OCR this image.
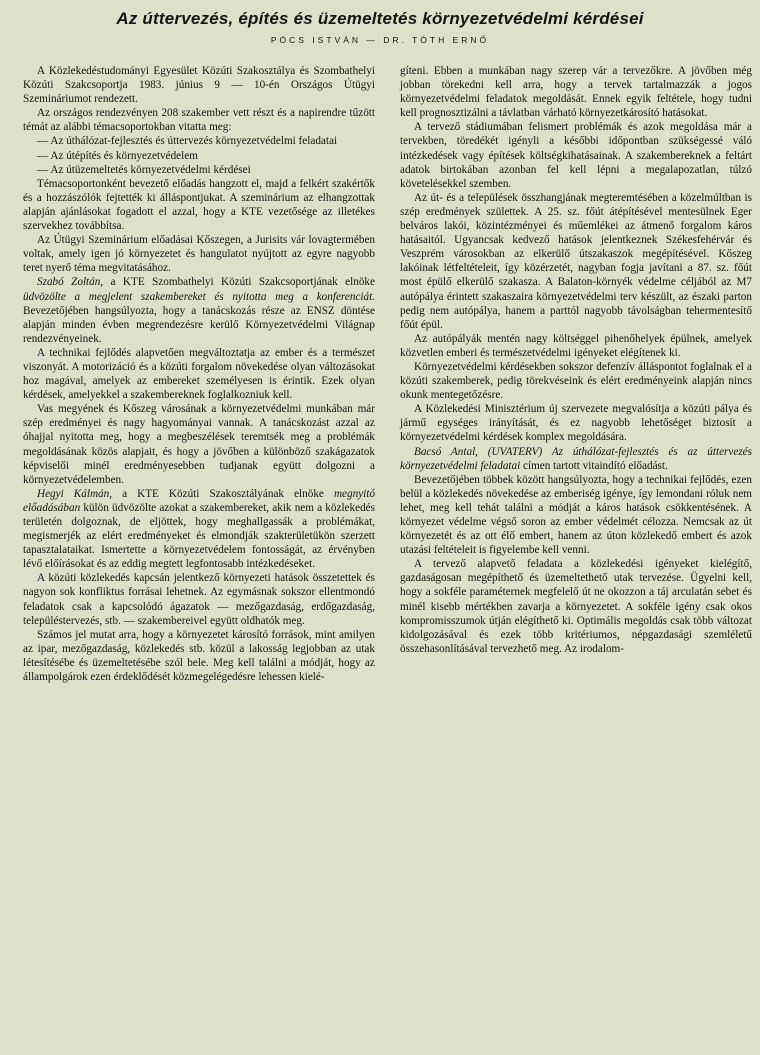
Az úttervezés, építés és üzemeltetés környezetvédelmi kérdései
PÓCS ISTVÁN — DR. TÓTH ERNŐ

A Közlekedéstudományi Egyesület Közúti Szakosztálya és Szombathelyi Közúti Szakcsoportja 1983. június 9 — 10-én Országos Útügyi Szemináriumot rendezett.

Az országos rendezvényen 208 szakember vett részt és a napirendre tűzött témát az alábbi témacsoportokban vitatta meg:

— Az úthálózat-fejlesztés és úttervezés környezetvédelmi feladatai

— Az útépítés és környezetvédelem

— Az útüzemeltetés környezetvédelmi kérdései

Témacsoportonként bevezető előadás hangzott el, majd a felkért szakértők és a hozzászólók fejtették ki álláspontjukat. A szeminárium az elhangzottak alapján ajánlásokat fogadott el azzal, hogy a KTE vezetősége az illetékes szervekhez továbbítsa.

Az Útügyi Szeminárium előadásai Kőszegen, a Jurisits vár lovagtermében voltak, amely igen jó környezetet és hangulatot nyújtott az egyre nagyobb teret nyerő téma megvitatásához.

Szabó Zoltán, a KTE Szombathelyi Közúti Szakcsoportjának elnöke üdvözölte a megjelent szakembereket és nyitotta meg a konferenciát. Bevezetőjében hangsúlyozta, hogy a tanácskozás része az ENSZ döntése alapján minden évben megrendezésre kerülő Környezetvédelmi Világnap rendezvényeinek.

A technikai fejlődés alapvetően megváltoztatja az ember és a természet viszonyát. A motorizáció és a közúti forgalom növekedése olyan változásokat hoz magával, amelyek az embereket személyesen is érintik. Ezek olyan kérdések, amelyekkel a szakembereknek foglalkozniuk kell.

Vas megyének és Kőszeg városának a környezetvédelmi munkában már szép eredményei és nagy hagyományai vannak. A tanácskozást azzal az óhajjal nyitotta meg, hogy a megbeszélések teremtsék meg a problémák megoldásának közös alapjait, és hogy a jövőben a különböző szakágazatok képviselői minél eredményesebben tudjanak együtt dolgozni a környezetvédelemben.

Hegyi Kálmán, a KTE Közúti Szakosztályának elnöke megnyitó előadásában külön üdvözölte azokat a szakembereket, akik nem a közlekedés területén dolgoznak, de eljöttek, hogy meghallgassák a problémákat, megismerjék az elért eredményeket és elmondják szakterületükön szerzett tapasztalataikat. Ismertette a környezetvédelem fontosságát, az érvényben lévő előírásokat és az eddig megtett legfontosabb intézkedéseket.

A közúti közlekedés kapcsán jelentkező környezeti hatások összetettek és nagyon sok konfliktus forrásai lehetnek. Az egymásnak sokszor ellentmondó feladatok csak a kapcsolódó ágazatok — mezőgazdaság, erdőgazdaság, településtervezés, stb. — szakembereivel együtt oldhatók meg.

Számos jel mutat arra, hogy a környezetet károsító források, mint amilyen az ipar, mezőgazdaság, közlekedés stb. közül a lakosság legjobban az utak létesítésébe és üzemeltetésébe szól bele. Meg kell találni a módját, hogy az állampolgárok ezen érdeklődését közmegelégedésre lehessen kielé-

gíteni. Ebben a munkában nagy szerep vár a tervezőkre. A jövőben még jobban törekedni kell arra, hogy a tervek tartalmazzák a jogos környezetvédelmi feladatok megoldását. Ennek egyik feltétele, hogy tudni kell prognosztizálni a távlatban várható környezetkárosító hatásokat.

A tervező stádiumában felismert problémák és azok megoldása már a tervekben, töredékét igényli a későbbi időpontban szükségessé váló intézkedések vagy építések költségkihatásainak. A szakembereknek a feltárt adatok birtokában azonban fel kell lépni a megalapozatlan, túlzó követelésekkel szemben.

Az út- és a települések összhangjának megteremtésében a közelmúltban is szép eredmények születtek. A 25. sz. főút átépítésével mentesülnek Eger belváros lakói, közintézményei és műemlékei az átmenő forgalom káros hatásaitól. Ugyancsak kedvező hatások jelentkeznek Székesfehérvár és Veszprém városokban az elkerülő útszakaszok megépítésével. Kőszeg lakóinak létfeltételeit, így közérzetét, nagyban fogja javítani a 87. sz. főút most épülő elkerülő szakasza. A Balaton-környék védelme céljából az M7 autópálya érintett szakaszaira környezetvédelmi terv készült, az északi parton pedig nem autópálya, hanem a parttól nagyobb távolságban tehermentesítő főút épül.

Az autópályák mentén nagy költséggel pihenőhelyek épülnek, amelyek közvetlen emberi és természetvédelmi igényeket elégítenek ki.

Környezetvédelmi kérdésekben sokszor defenzív álláspontot foglalnak el a közúti szakemberek, pedig törekvéseink és elért eredményeink alapján nincs okunk mentegetőzésre.

A Közlekedési Minisztérium új szervezete megvalósítja a közúti pálya és jármű egységes irányítását, és ez nagyobb lehetőséget biztosít a környezetvédelmi kérdések komplex megoldására.

Bacsó Antal, (UVATERV) Az úthálózat-fejlesztés és az úttervezés környezetvédelmi feladatai címen tartott vitaindító előadást.

Bevezetőjében többek között hangsúlyozta, hogy a technikai fejlődés, ezen belül a közlekedés növekedése az emberiség igénye, így lemondani róluk nem lehet, meg kell tehát találni a módját a káros hatások csökkentésének. A környezet védelme végső soron az ember védelmét célozza. Nemcsak az út környezetét és az ott élő embert, hanem az úton közlekedő embert és azok utazási feltételeit is figyelembe kell venni.

A tervező alapvető feladata a közlekedési igényeket kielégítő, gazdaságosan megépíthető és üzemeltethető utak tervezése. Ügyelni kell, hogy a sokféle paraméternek megfelelő út ne okozzon a táj arculatán sebet és minél kisebb mértékben zavarja a környezetet. A sokféle igény csak okos kompromisszumok útján elégíthető ki. Optimális megoldás csak több változat kidolgozásával és ezek több kritériumos, népgazdasági szemléletű összehasonlításával tervezhető meg. Az irodalom-
